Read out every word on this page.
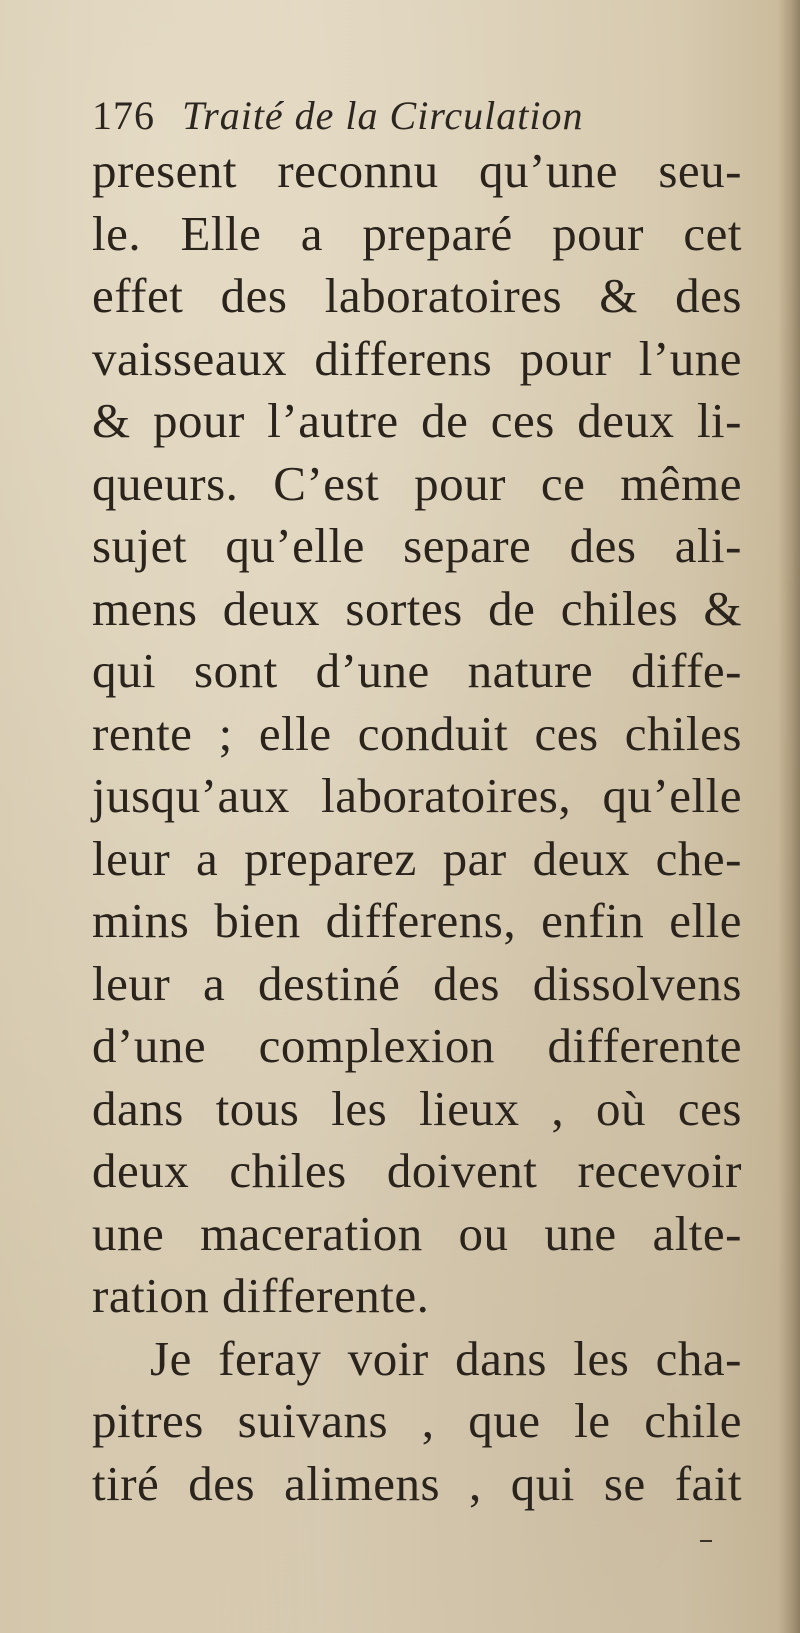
176 Traité de la Circulation
present reconnu qu’une seu-
le. Elle a preparé pour cet
effet des laboratoires & des
vaisseaux differens pour l’une
& pour l’autre de ces deux li-
queurs. C’est pour ce même
sujet qu’elle separe des ali-
mens deux sortes de chiles &
qui sont d’une nature diffe-
rente ; elle conduit ces chiles
jusqu’aux laboratoires, qu’elle
leur a preparez par deux che-
mins bien differens, enfin elle
leur a destiné des dissolvens
d’une complexion differente
dans tous les lieux , où ces
deux chiles doivent recevoir
une maceration ou une alte-
ration differente.
Je feray voir dans les cha-
pitres suivans , que le chile
tiré des alimens , qui se fait
